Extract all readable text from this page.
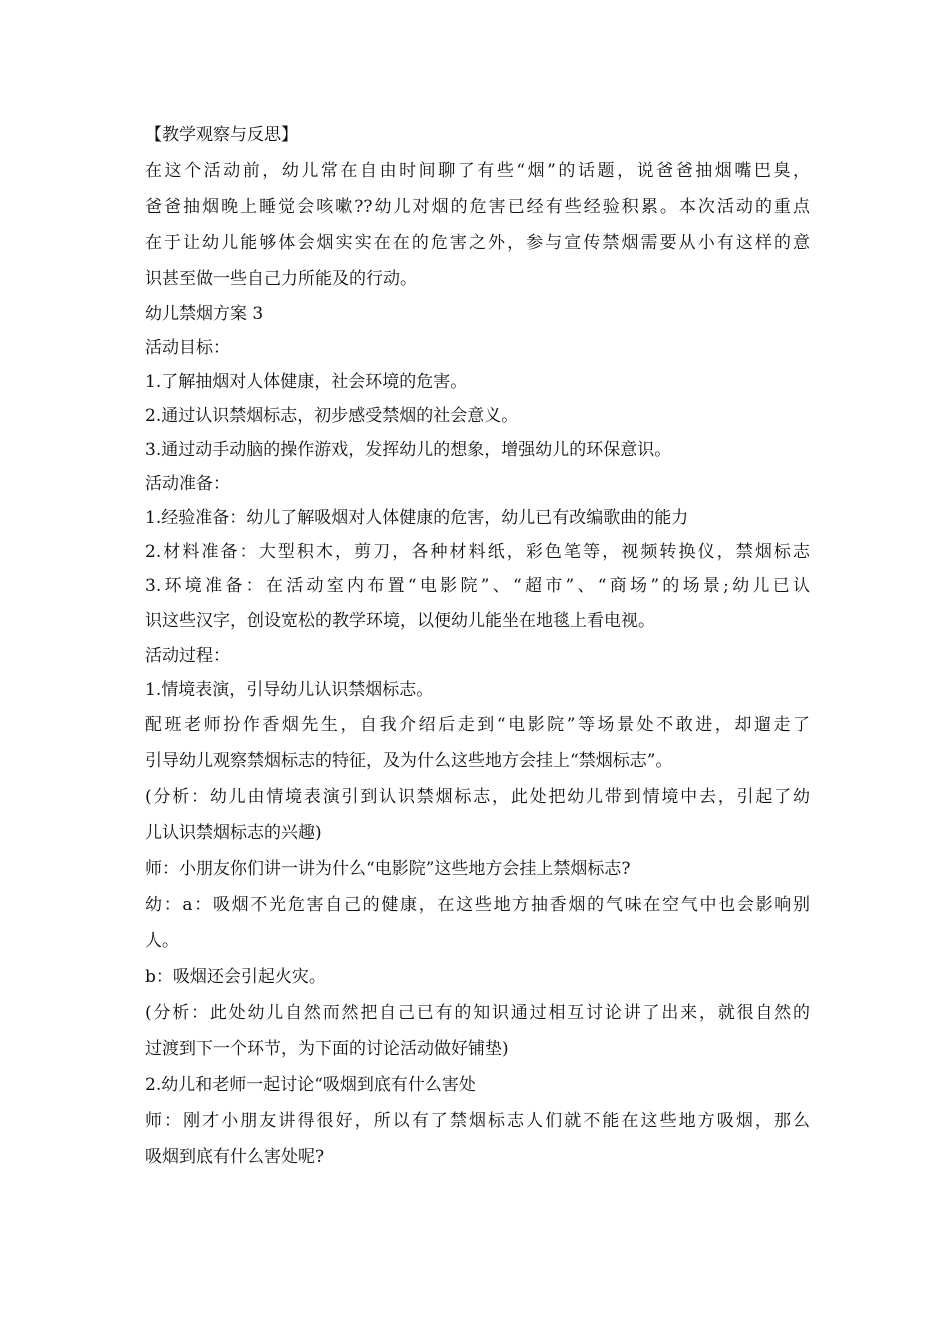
【教学观察与反思】
在这个活动前，幼儿常在自由时间聊了有些“烟”的话题，说爸爸抽烟嘴巴臭，
爸爸抽烟晚上睡觉会咳嗽??幼儿对烟的危害已经有些经验积累。本次活动的重点
在于让幼儿能够体会烟实实在在的危害之外，参与宣传禁烟需要从小有这样的意
识甚至做一些自己力所能及的行动。
幼儿禁烟方案 3
活动目标：
1.了解抽烟对人体健康，社会环境的危害。
2.通过认识禁烟标志，初步感受禁烟的社会意义。
3.通过动手动脑的操作游戏，发挥幼儿的想象，增强幼儿的环保意识。
活动准备：
1.经验准备：幼儿了解吸烟对人体健康的危害，幼儿已有改编歌曲的能力
2.材料准备：大型积木，剪刀，各种材料纸，彩色笔等，视频转换仪，禁烟标志
3.环境准备：在活动室内布置“电影院”、“超市”、“商场”的场景;幼儿已认
识这些汉字，创设宽松的教学环境，以便幼儿能坐在地毯上看电视。
活动过程：
1.情境表演，引导幼儿认识禁烟标志。
配班老师扮作香烟先生，自我介绍后走到“电影院”等场景处不敢进，却遛走了
引导幼儿观察禁烟标志的特征，及为什么这些地方会挂上“禁烟标志”。
(分析：幼儿由情境表演引到认识禁烟标志，此处把幼儿带到情境中去，引起了幼
儿认识禁烟标志的兴趣)
师：小朋友你们讲一讲为什么“电影院”这些地方会挂上禁烟标志?
幼：a：吸烟不光危害自己的健康，在这些地方抽香烟的气味在空气中也会影响别
人。
b：吸烟还会引起火灾。
(分析：此处幼儿自然而然把自己已有的知识通过相互讨论讲了出来，就很自然的
过渡到下一个环节，为下面的讨论活动做好铺垫)
2.幼儿和老师一起讨论“吸烟到底有什么害处
师：刚才小朋友讲得很好，所以有了禁烟标志人们就不能在这些地方吸烟，那么
吸烟到底有什么害处呢?
